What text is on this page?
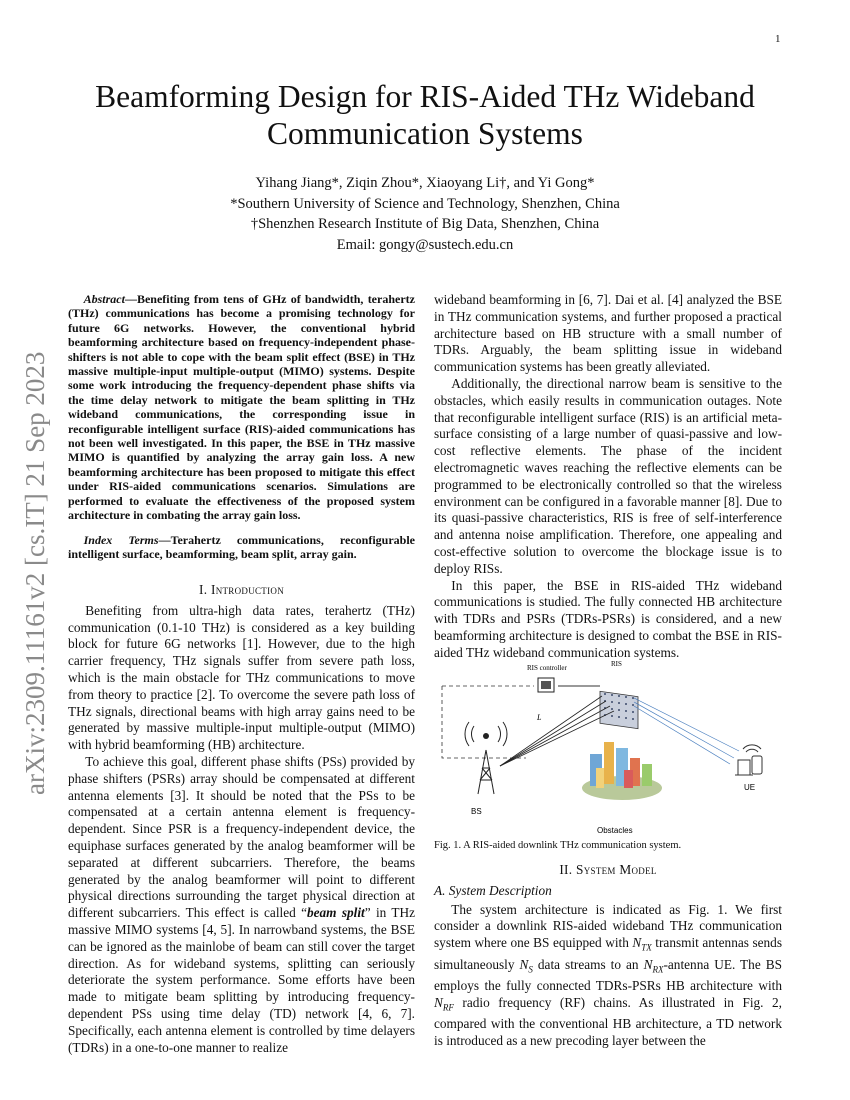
1
arXiv:2309.11161v2 [cs.IT] 21 Sep 2023
Beamforming Design for RIS-Aided THz Wideband
Communication Systems
Yihang Jiang*, Ziqin Zhou*, Xiaoyang Li†, and Yi Gong*
*Southern University of Science and Technology, Shenzhen, China
†Shenzhen Research Institute of Big Data, Shenzhen, China
Email: gongy@sustech.edu.cn

Abstract—Benefiting from tens of GHz of bandwidth, terahertz (THz) communications has become a promising technology for future 6G networks. However, the conventional hybrid beamforming architecture based on frequency-independent phase-shifters is not able to cope with the beam split effect (BSE) in THz massive multiple-input multiple-output (MIMO) systems. Despite some work introducing the frequency-dependent phase shifts via the time delay network to mitigate the beam splitting in THz wideband communications, the corresponding issue in reconfigurable intelligent surface (RIS)-aided communications has not been well investigated. In this paper, the BSE in THz massive MIMO is quantified by analyzing the array gain loss. A new beamforming architecture has been proposed to mitigate this effect under RIS-aided communications scenarios. Simulations are performed to evaluate the effectiveness of the proposed system architecture in combating the array gain loss.

Index Terms—Terahertz communications, reconfigurable intelligent surface, beamforming, beam split, array gain.

I. Introduction

Benefiting from ultra-high data rates, terahertz (THz) communication (0.1-10 THz) is considered as a key building block for future 6G networks [1]. However, due to the high carrier frequency, THz signals suffer from severe path loss, which is the main obstacle for THz communications to move from theory to practice [2]. To overcome the severe path loss of THz signals, directional beams with high array gains need to be generated by massive multiple-input multiple-output (MIMO) with hybrid beamforming (HB) architecture.

To achieve this goal, different phase shifts (PSs) provided by phase shifters (PSRs) array should be compensated at different antenna elements [3]. It should be noted that the PSs to be compensated at a certain antenna element is frequency-dependent. Since PSR is a frequency-independent device, the equiphase surfaces generated by the analog beamformer will be separated at different subcarriers. Therefore, the beams generated by the analog beamformer will point to different physical directions surrounding the target physical direction at different subcarriers. This effect is called “beam split” in THz massive MIMO systems [4, 5]. In narrowband systems, the BSE can be ignored as the mainlobe of beam can still cover the target direction. As for wideband systems, splitting can seriously deteriorate the system performance. Some efforts have been made to mitigate beam splitting by introducing frequency-dependent PSs using time delay (TD) network [4, 6, 7]. Specifically, each antenna element is controlled by time delayers (TDRs) in a one-to-one manner to realize

wideband beamforming in [6, 7]. Dai et al. [4] analyzed the BSE in THz communication systems, and further proposed a practical architecture based on HB structure with a small number of TDRs. Arguably, the beam splitting issue in wideband communication systems has been greatly alleviated.

Additionally, the directional narrow beam is sensitive to the obstacles, which easily results in communication outages. Note that reconfigurable intelligent surface (RIS) is an artificial meta-surface consisting of a large number of quasi-passive and low-cost reflective elements. The phase of the incident electromagnetic waves reaching the reflective elements can be programmed to be electronically controlled so that the wireless environment can be configured in a favorable manner [8]. Due to its quasi-passive characteristics, RIS is free of self-interference and antenna noise amplification. Therefore, one appealing and cost-effective solution to overcome the blockage issue is to deploy RISs.

In this paper, the BSE in RIS-aided THz wideband communications is studied. The fully connected HB architecture with TDRs and PSRs (TDRs-PSRs) is considered, and a new beamforming architecture is designed to combat the BSE in RIS-aided THz wideband communication systems.

RIS controller	RIS
L
BS
Obstacles
UE
Fig. 1. A RIS-aided downlink THz communication system.
II. System Model
A. System Description

The system architecture is indicated as Fig. 1. We first consider a downlink RIS-aided wideband THz communication system where one BS equipped with $N_{TX}$ transmit antennas sends simultaneously $N_S$ data streams to an $N_{RX}$-antenna UE. The BS employs the fully connected TDRs-PSRs HB architecture with $N_{RF}$ radio frequency (RF) chains. As illustrated in Fig. 2, compared with the conventional HB architecture, a TD network is introduced as a new precoding layer between the
